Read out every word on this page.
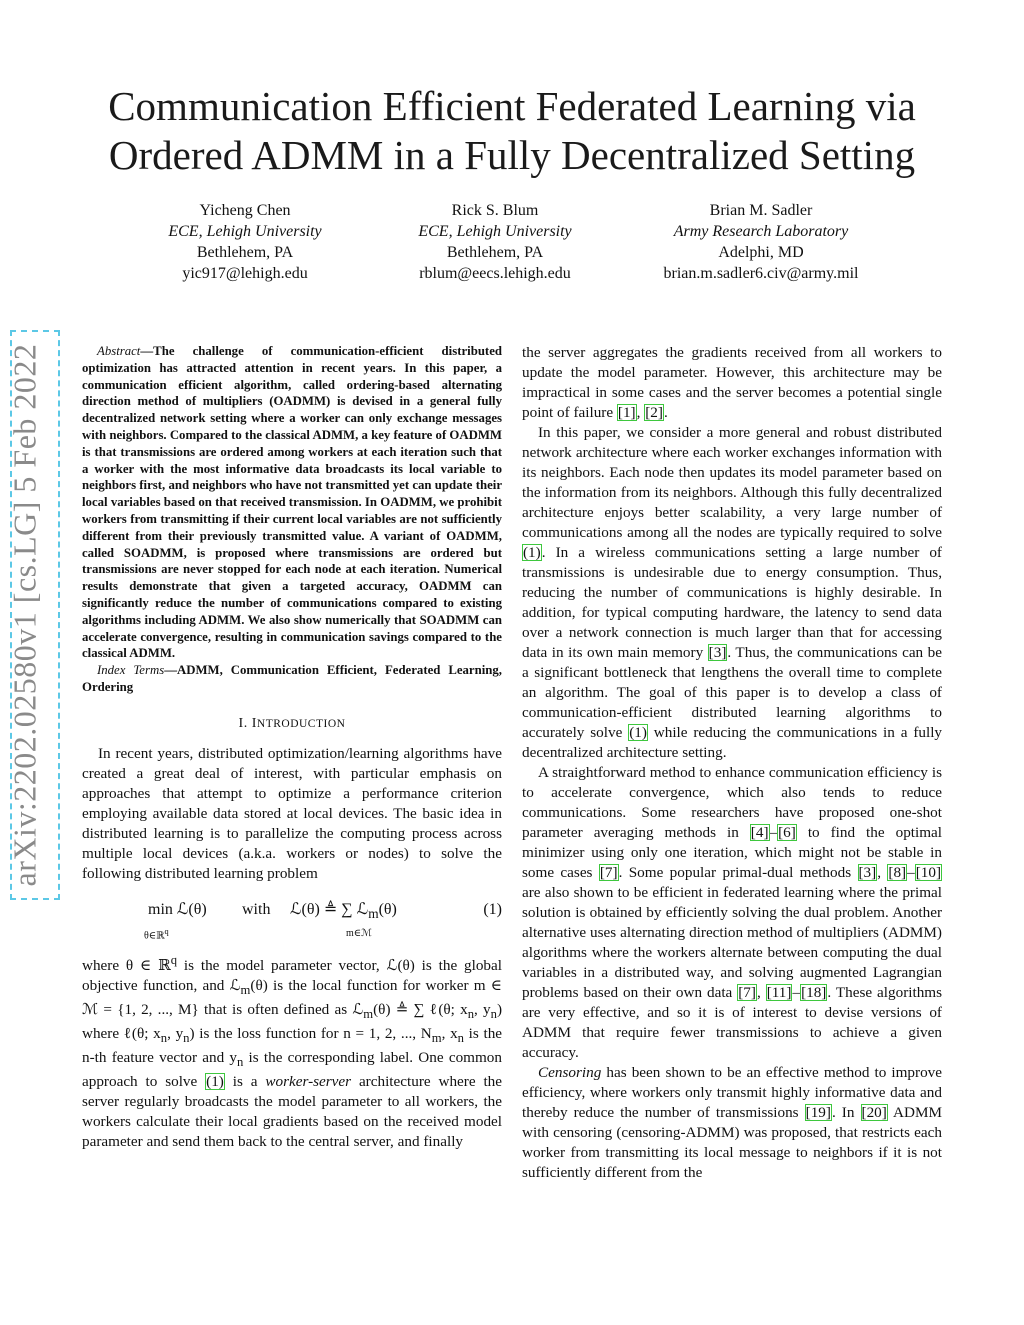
Communication Efficient Federated Learning via
Ordered ADMM in a Fully Decentralized Setting
Yicheng Chen
ECE, Lehigh University
Bethlehem, PA
yic917@lehigh.edu
Rick S. Blum
ECE, Lehigh University
Bethlehem, PA
rblum@eecs.lehigh.edu
Brian M. Sadler
Army Research Laboratory
Adelphi, MD
brian.m.sadler6.civ@army.mil
arXiv:2202.02580v1 [cs.LG] 5 Feb 2022	Abstract—The challenge of communication-efficient distributed optimization has attracted attention in recent years. In this paper, a communication efficient algorithm, called ordering-based alternating direction method of multipliers (OADMM) is devised in a general fully decentralized network setting where a worker can only exchange messages with neighbors. Compared to the classical ADMM, a key feature of OADMM is that transmissions are ordered among workers at each iteration such that a worker with the most informative data broadcasts its local variable to neighbors first, and neighbors who have not transmitted yet can update their local variables based on that received transmission. In OADMM, we prohibit workers from transmitting if their current local variables are not sufficiently different from their previously transmitted value. A variant of OADMM, called SOADMM, is proposed where transmissions are ordered but transmissions are never stopped for each node at each iteration. Numerical results demonstrate that given a targeted accuracy, OADMM can significantly reduce the number of communications compared to existing algorithms including ADMM. We also show numerically that SOADMM can accelerate convergence, resulting in communication savings compared to the classical ADMM.

Index Terms—ADMM, Communication Efficient, Federated Learning, Ordering

I. INTRODUCTION

In recent years, distributed optimization/learning algorithms have created a great deal of interest, with particular emphasis on approaches that attempt to optimize a performance criterion employing available data stored at local devices. The basic idea in distributed learning is to parallelize the computing process across multiple local devices (a.k.a. workers or nodes) to solve the following distributed learning problem

min ℒ(θ)
θ∈ℝ$^q$
with ℒ(θ) ≜ ∑ ℒ$_m$(θ)
m∈ℳ
(1)

where θ ∈ ℝ$^q$ is the model parameter vector, ℒ(θ) is the global objective function, and ℒ$_m$(θ) is the local function for worker m ∈ ℳ = {1, 2, ..., M} that is often defined as ℒ$_m$(θ) ≜ ∑ ℓ(θ; $x_n$, $y_n$) where ℓ(θ; $x_n$, $y_n$) is the loss function for n = 1, 2, ..., $N_m$, $x_n$ is the n-th feature vector and $y_n$ is the corresponding label. One common approach to solve (1) is a worker-server architecture where the server regularly broadcasts the model parameter to all workers, the workers calculate their local gradients based on the received model parameter and send them back to the central server, and finally

the server aggregates the gradients received from all workers to update the model parameter. However, this architecture may be impractical in some cases and the server becomes a potential single point of failure [1], [2].

In this paper, we consider a more general and robust distributed network architecture where each worker exchanges information with its neighbors. Each node then updates its model parameter based on the information from its neighbors. Although this fully decentralized architecture enjoys better scalability, a very large number of communications among all the nodes are typically required to solve (1). In a wireless communications setting a large number of transmissions is undesirable due to energy consumption. Thus, reducing the number of communications is highly desirable. In addition, for typical computing hardware, the latency to send data over a network connection is much larger than that for accessing data in its own main memory [3]. Thus, the communications can be a significant bottleneck that lengthens the overall time to complete an algorithm. The goal of this paper is to develop a class of communication-efficient distributed learning algorithms to accurately solve (1) while reducing the communications in a fully decentralized architecture setting.

A straightforward method to enhance communication efficiency is to accelerate convergence, which also tends to reduce communications. Some researchers have proposed one-shot parameter averaging methods in [4]–[6] to find the optimal minimizer using only one iteration, which might not be stable in some cases [7]. Some popular primal-dual methods [3], [8]–[10] are also shown to be efficient in federated learning where the primal solution is obtained by efficiently solving the dual problem. Another alternative uses alternating direction method of multipliers (ADMM) algorithms where the workers alternate between computing the dual variables in a distributed way, and solving augmented Lagrangian problems based on their own data [7], [11]–[18]. These algorithms are very effective, and so it is of interest to devise versions of ADMM that require fewer transmissions to achieve a given accuracy.

Censoring has been shown to be an effective method to improve efficiency, where workers only transmit highly informative data and thereby reduce the number of transmissions [19]. In [20] ADMM with censoring (censoring-ADMM) was proposed, that restricts each worker from transmitting its local message to neighbors if it is not sufficiently different from the
